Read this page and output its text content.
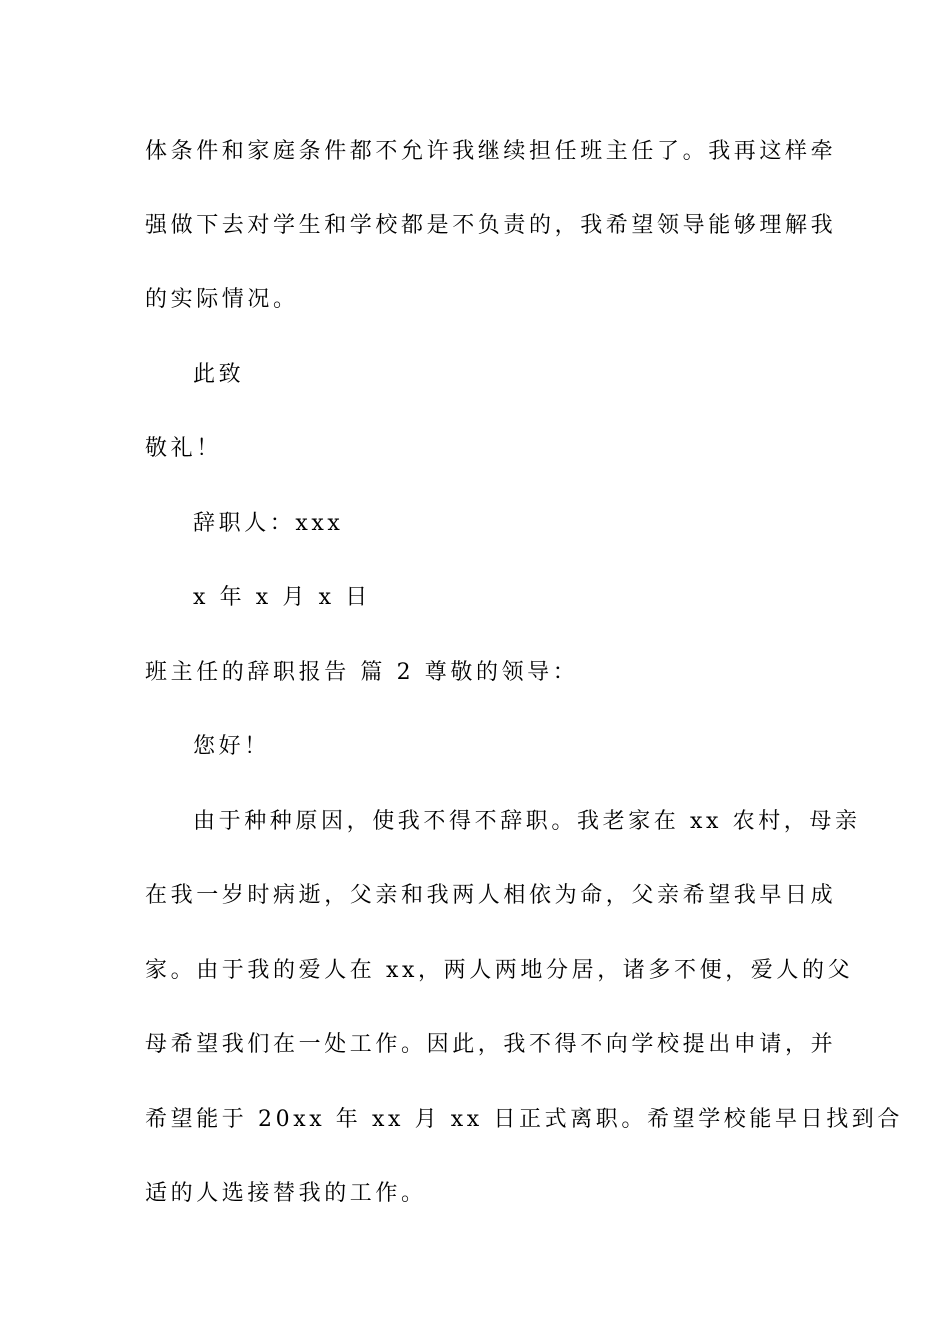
体条件和家庭条件都不允许我继续担任班主任了。我再这样牵
强做下去对学生和学校都是不负责的，我希望领导能够理解我
的实际情况。
此致
敬礼！
辞职人：xxx
x 年 x 月 x 日
班主任的辞职报告 篇 2 尊敬的领导：
您好！
由于种种原因，使我不得不辞职。我老家在 xx 农村，母亲
在我一岁时病逝，父亲和我两人相依为命，父亲希望我早日成
家。由于我的爱人在 xx，两人两地分居，诸多不便，爱人的父
母希望我们在一处工作。因此，我不得不向学校提出申请，并
希望能于 20xx 年 xx 月 xx 日正式离职。希望学校能早日找到合
适的人选接替我的工作。
